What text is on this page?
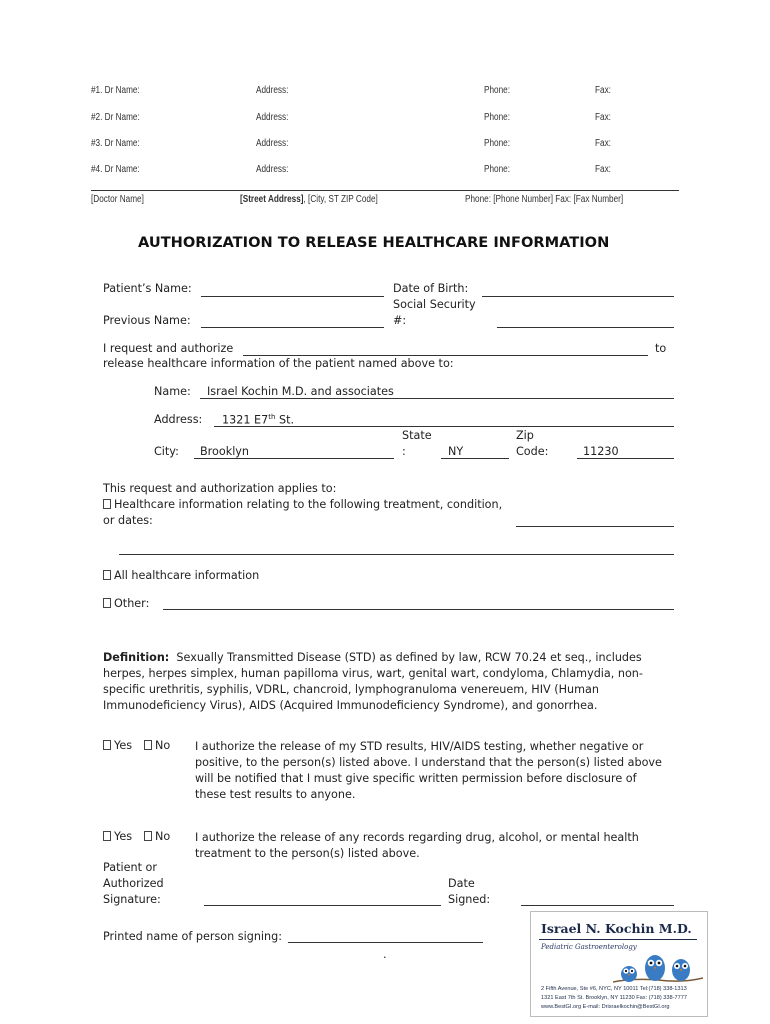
#1. Dr Name:	Address:	Phone:	Fax:
#2. Dr Name:	Address:	Phone:	Fax:
#3. Dr Name:	Address:	Phone:	Fax:
#4. Dr Name:	Address:	Phone:	Fax:
[Doctor Name]	[Street Address], [City, ST ZIP Code]	Phone: [Phone Number] Fax: [Fax Number]
AUTHORIZATION TO RELEASE HEALTHCARE INFORMATION
Patient’s Name:	Date of Birth:
Social Security
Previous Name:	#:
I request and authorize	to
release healthcare information of the patient named above to:
Name: Israel Kochin M.D. and associates
Address: 1321 E7th St.
State	Zip
City: Brooklyn	:	NY	Code:	11230
This request and authorization applies to:
Healthcare information relating to the following treatment, condition,
or dates:
All healthcare information
Other:
Definition: Sexually Transmitted Disease (STD) as defined by law, RCW 70.24 et seq., includes
herpes, herpes simplex, human papilloma virus, wart, genital wart, condyloma, Chlamydia, non-
specific urethritis, syphilis, VDRL, chancroid, lymphogranuloma venereuem, HIV (Human
Immunodeficiency Virus), AIDS (Acquired Immunodeficiency Syndrome), and gonorrhea.
Yes	No I authorize the release of my STD results, HIV/AIDS testing, whether negative or
positive, to the person(s) listed above. I understand that the person(s) listed above
will be notified that I must give specific written permission before disclosure of
these test results to anyone.
Yes	No I authorize the release of any records regarding drug, alcohol, or mental health
treatment to the person(s) listed above.
Patient or
Authorized
Signature:
Date
Signed:
Printed name of person signing:
.
Israel N. Kochin M.D.
Pediatric Gastroenterology
2 Fifth Avenue, Ste #6, NYC, NY 10011 Tel:(718) 338-1313
1321 East 7th St. Brooklyn, NY 11230 Fax: (718) 338-7777
www.BestGI.org E-mail: Drisraelkochin@BestGI.org
